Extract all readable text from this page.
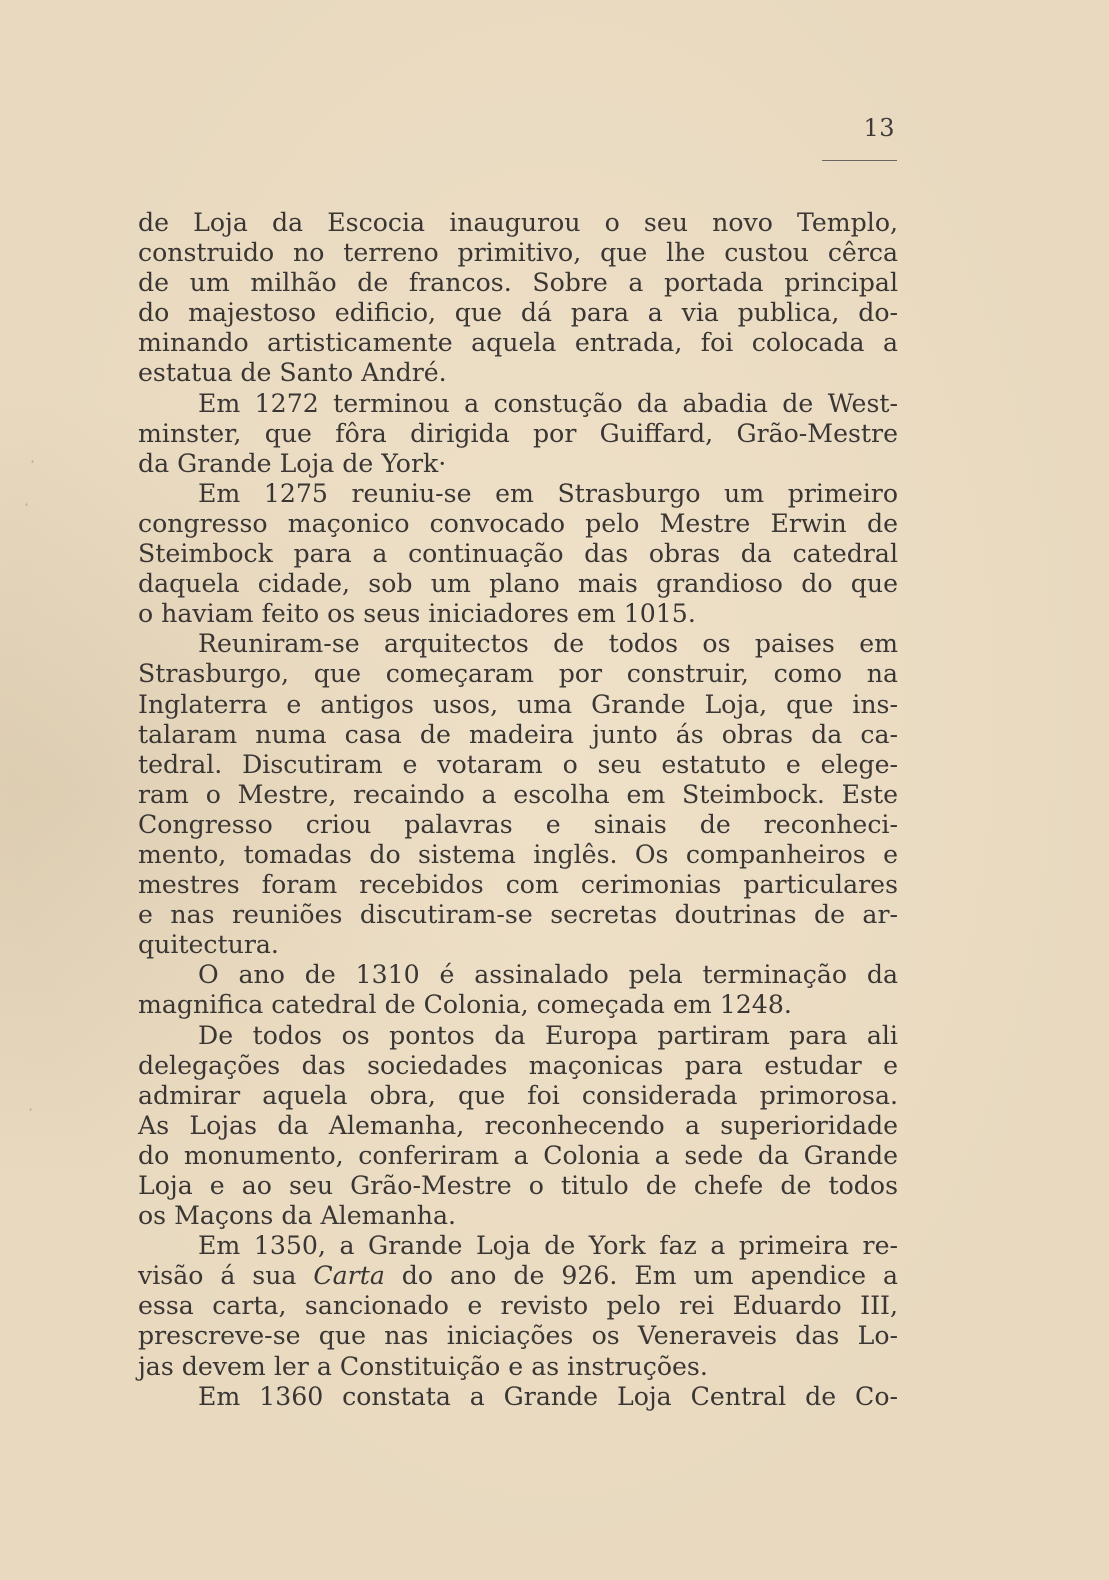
13
·
·
·
de Loja da Escocia inaugurou o seu novo Templo,
construido no terreno primitivo, que lhe custou cêrca
de um milhão de francos. Sobre a portada principal
do majestoso edificio, que dá para a via publica, do-
minando artisticamente aquela entrada, foi colocada a
estatua de Santo André.
Em 1272 terminou a constução da abadia de West-
minster, que fôra dirigida por Guiffard, Grão-Mestre
da Grande Loja de York·
Em 1275 reuniu-se em Strasburgo um primeiro
congresso maçonico convocado pelo Mestre Erwin de
Steimbock para a continuação das obras da catedral
daquela cidade, sob um plano mais grandioso do que
o haviam feito os seus iniciadores em 1015.
Reuniram-se arquitectos de todos os paises em
Strasburgo, que começaram por construir, como na
Inglaterra e antigos usos, uma Grande Loja, que ins-
talaram numa casa de madeira junto ás obras da ca-
tedral. Discutiram e votaram o seu estatuto e elege-
ram o Mestre, recaindo a escolha em Steimbock. Este
Congresso criou palavras e sinais de reconheci-
mento, tomadas do sistema inglês. Os companheiros e
mestres foram recebidos com cerimonias particulares
e nas reuniões discutiram-se secretas doutrinas de ar-
quitectura.
O ano de 1310 é assinalado pela terminação da
magnifica catedral de Colonia, começada em 1248.
De todos os pontos da Europa partiram para ali
delegações das sociedades maçonicas para estudar e
admirar aquela obra, que foi considerada primorosa.
As Lojas da Alemanha, reconhecendo a superioridade
do monumento, conferiram a Colonia a sede da Grande
Loja e ao seu Grão-Mestre o titulo de chefe de todos
os Maçons da Alemanha.
Em 1350, a Grande Loja de York faz a primeira re-
visão á sua Carta do ano de 926. Em um apendice a
essa carta, sancionado e revisto pelo rei Eduardo III,
prescreve-se que nas iniciações os Veneraveis das Lo-
jas devem ler a Constituição e as instruções.
Em 1360 constata a Grande Loja Central de Co-
